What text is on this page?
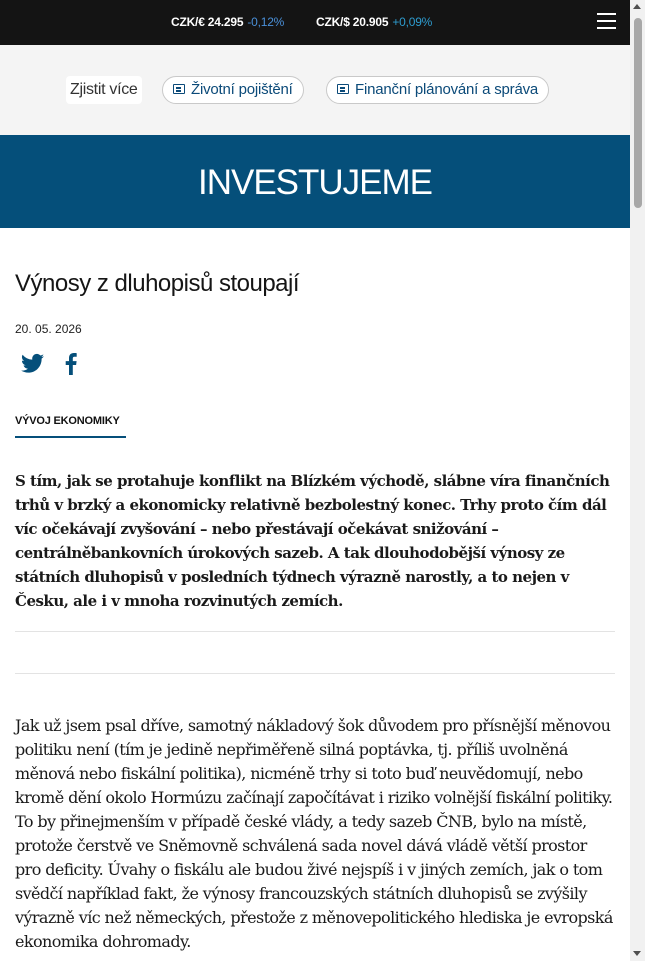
CZK/€ 24.295 -0,12%	CZK/$ 20.905 +0,09%
Zjistit více	Životní pojištění	Finanční plánování a správa
INVESTUJEME
Výnosy z dluhopisů stoupají
20. 05. 2026
VÝVOJ EKONOMIKY

S tím, jak se protahuje konflikt na Blízkém východě, slábne víra finančních trhů v brzký a ekonomicky relativně bezbolestný konec. Trhy proto čím dál víc očekávají zvyšování – nebo přestávají očekávat snižování – centrálněbankovních úrokových sazeb. A tak dlouhodobější výnosy ze státních dluhopisů v posledních týdnech výrazně narostly, a to nejen v Česku, ale i v mnoha rozvinutých zemích.

Jak už jsem psal dříve, samotný nákladový šok důvodem pro přísnější měnovou politiku není (tím je jedině nepřiměřeně silná poptávka, tj. příliš uvolněná měnová nebo fiskální politika), nicméně trhy si toto buď neuvědomují, nebo kromě dění okolo Hormúzu začínají započítávat i riziko volnější fiskální politiky. To by přinejmenším v případě české vlády, a tedy sazeb ČNB, bylo na místě, protože čerstvě ve Sněmovně schválená sada novel dává vládě větší prostor pro deficity. Úvahy o fiskálu ale budou živé nejspíš i v jiných zemích, jak o tom svědčí například fakt, že výnosy francouzských státních dluhopisů se zvýšily výrazně víc než německých, přestože z měnovepolitického hlediska je evropská ekonomika dohromady.
